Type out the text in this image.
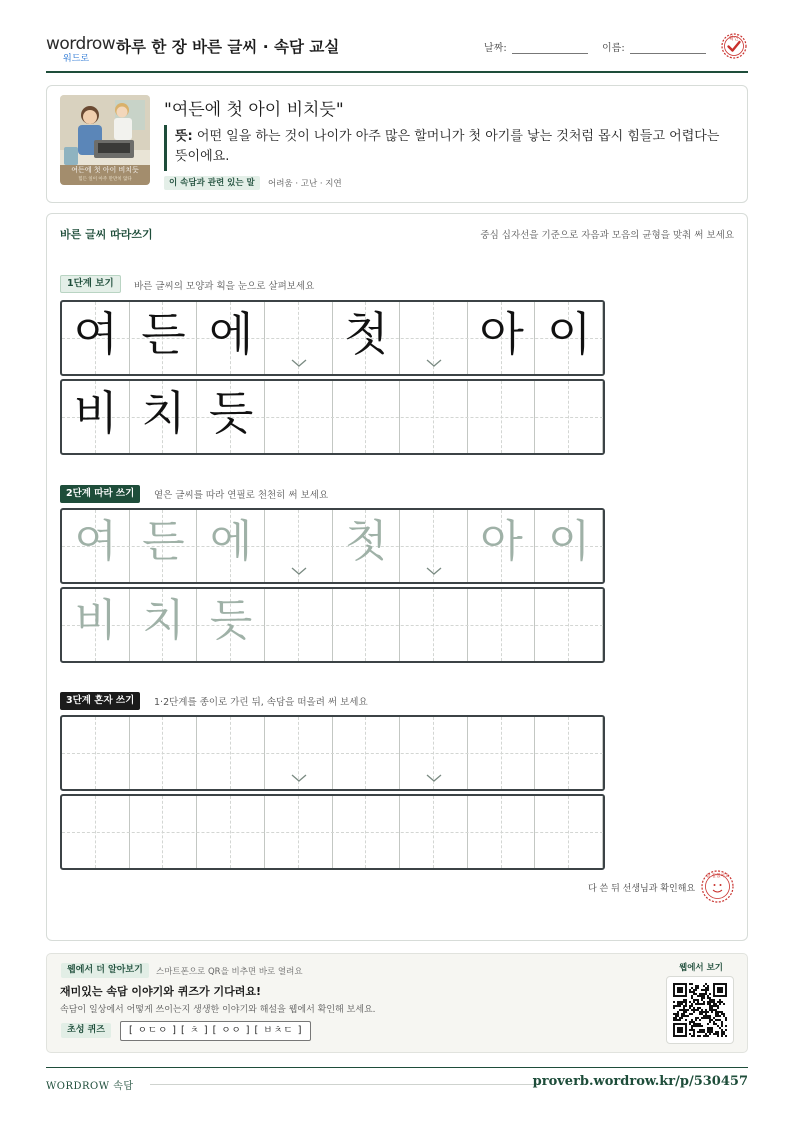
wordrow
워드로
하루 한 장 바른 글씨 · 속담 교실	날짜:	이름:
확인
여든에 첫 아이 비치듯
힘든 일이 아주 만만치 않다
"여든에 첫 아이 비치듯"
뜻: 어떤 일을 하는 것이 나이가 아주 많은 할머니가 첫 아기를 낳는 것처럼 몹시 힘들고 어렵다는 뜻이에요.
이 속담과 관련 있는 말	어려움 · 고난 · 지연
바른 글씨 따라쓰기	중심 십자선을 기준으로 자음과 모음의 균형을 맞춰 써 보세요
1단계 보기	바른 글씨의 모양과 획을 눈으로 살펴보세요
2단계 따라 쓰기	옅은 글씨를 따라 연필로 천천히 써 보세요
3단계 혼자 쓰기	1·2단계를 종이로 가린 뒤, 속담을 떠올려 써 보세요
여 든 에 첫 아 이
비 치 듯
여 든 에 첫 아 이
비 치 듯
다 쓴 뒤 선생님과 확인해요
참 잘했어요
웹에서 더 알아보기	스마트폰으로 QR을 비추면 바로 열려요
재미있는 속담 이야기와 퀴즈가 기다려요!
속담이 일상에서 어떻게 쓰이는지 생생한 이야기와 해설을 웹에서 확인해 보세요.
초성 퀴즈	[ ㅇㄷㅇ ] [ ㅊ ] [ ㅇㅇ ] [ ㅂㅊㄷ ]
웹에서 보기
WORDROW 속담	proverb.wordrow.kr/p/530457
